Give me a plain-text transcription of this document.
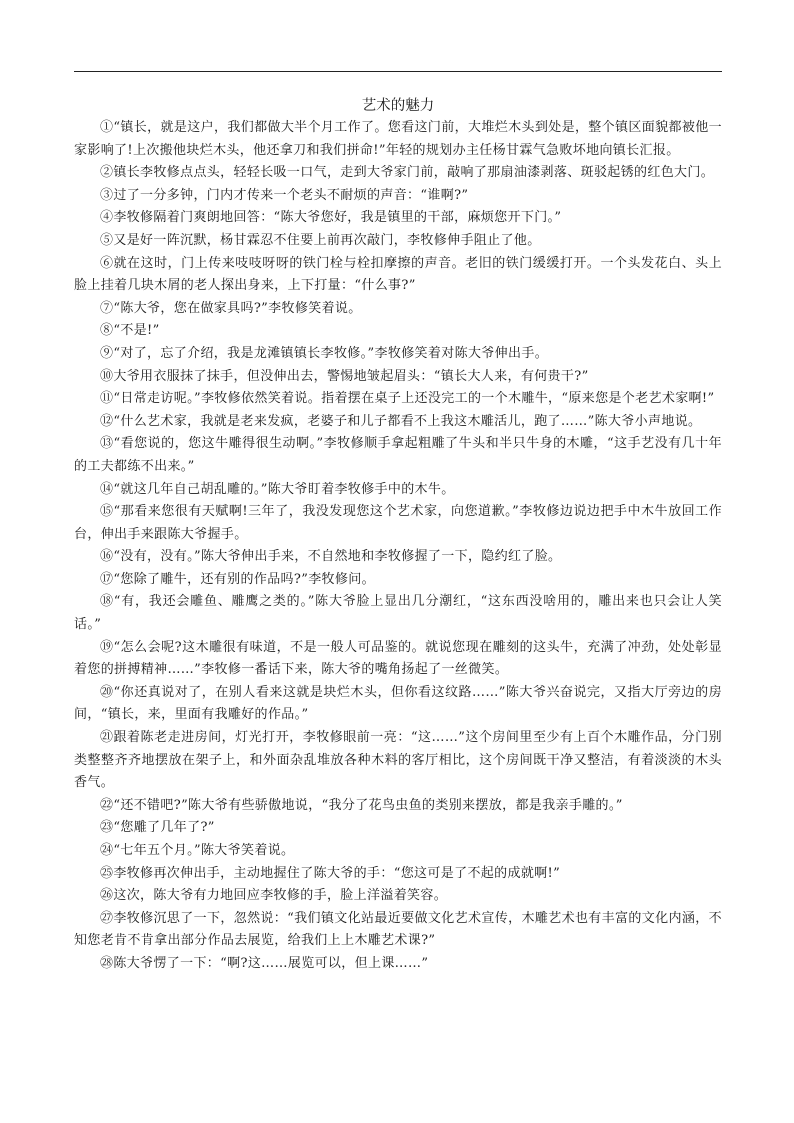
艺术的魅力

①“镇长，就是这户，我们都做大半个月工作了。您看这门前，大堆烂木头到处是，整个镇区面貌都被他一家影响了!上次搬他块烂木头，他还拿刀和我们拼命!”年轻的规划办主任杨甘霖气急败坏地向镇长汇报。

②镇长李牧修点点头，轻轻长吸一口气，走到大爷家门前，敲响了那扇油漆剥落、斑驳起锈的红色大门。

③过了一分多钟，门内才传来一个老头不耐烦的声音：“谁啊?”

④李牧修隔着门爽朗地回答：“陈大爷您好，我是镇里的干部，麻烦您开下门。”

⑤又是好一阵沉默，杨甘霖忍不住要上前再次敲门，李牧修伸手阻止了他。

⑥就在这时，门上传来吱吱呀呀的铁门栓与栓扣摩擦的声音。老旧的铁门缓缓打开。一个头发花白、头上脸上挂着几块木屑的老人探出身来，上下打量：“什么事?”

⑦“陈大爷，您在做家具吗?”李牧修笑着说。

⑧“不是!”

⑨“对了，忘了介绍，我是龙滩镇镇长李牧修。”李牧修笑着对陈大爷伸出手。

⑩大爷用衣服抹了抹手，但没伸出去，警惕地皱起眉头：“镇长大人来，有何贵干?”

⑪“日常走访呢。”李牧修依然笑着说。指着摆在桌子上还没完工的一个木雕牛，“原来您是个老艺术家啊!”

⑫“什么艺术家，我就是老来发疯，老婆子和儿子都看不上我这木雕活儿，跑了……”陈大爷小声地说。

⑬“看您说的，您这牛雕得很生动啊。”李牧修顺手拿起粗雕了牛头和半只牛身的木雕，“这手艺没有几十年的工夫都练不出来。”

⑭“就这几年自己胡乱雕的。”陈大爷盯着李牧修手中的木牛。

⑮“那看来您很有天赋啊!三年了，我没发现您这个艺术家，向您道歉。”李牧修边说边把手中木牛放回工作台，伸出手来跟陈大爷握手。

⑯“没有，没有。”陈大爷伸出手来，不自然地和李牧修握了一下，隐约红了脸。

⑰“您除了雕牛，还有别的作品吗?”李牧修问。

⑱“有，我还会雕鱼、雕鹰之类的。”陈大爷脸上显出几分潮红，“这东西没啥用的，雕出来也只会让人笑话。”

⑲“怎么会呢?这木雕很有味道，不是一般人可品鉴的。就说您现在雕刻的这头牛，充满了冲劲，处处彰显着您的拼搏精神……”李牧修一番话下来，陈大爷的嘴角扬起了一丝微笑。

⑳“你还真说对了，在别人看来这就是块烂木头，但你看这纹路……”陈大爷兴奋说完，又指大厅旁边的房间，“镇长，来，里面有我雕好的作品。”

㉑跟着陈老走进房间，灯光打开，李牧修眼前一亮：“这……”这个房间里至少有上百个木雕作品，分门别类整整齐齐地摆放在架子上，和外面杂乱堆放各种木料的客厅相比，这个房间既干净又整洁，有着淡淡的木头香气。

㉒“还不错吧?”陈大爷有些骄傲地说，“我分了花鸟虫鱼的类别来摆放，都是我亲手雕的。”

㉓“您雕了几年了?”

㉔“七年五个月。”陈大爷笑着说。

㉕李牧修再次伸出手，主动地握住了陈大爷的手：“您这可是了不起的成就啊!”

㉖这次，陈大爷有力地回应李牧修的手，脸上洋溢着笑容。

㉗李牧修沉思了一下，忽然说：“我们镇文化站最近要做文化艺术宣传，木雕艺术也有丰富的文化内涵，不知您老肯不肯拿出部分作品去展览，给我们上上木雕艺术课?”

㉘陈大爷愣了一下：“啊?这……展览可以，但上课……”
